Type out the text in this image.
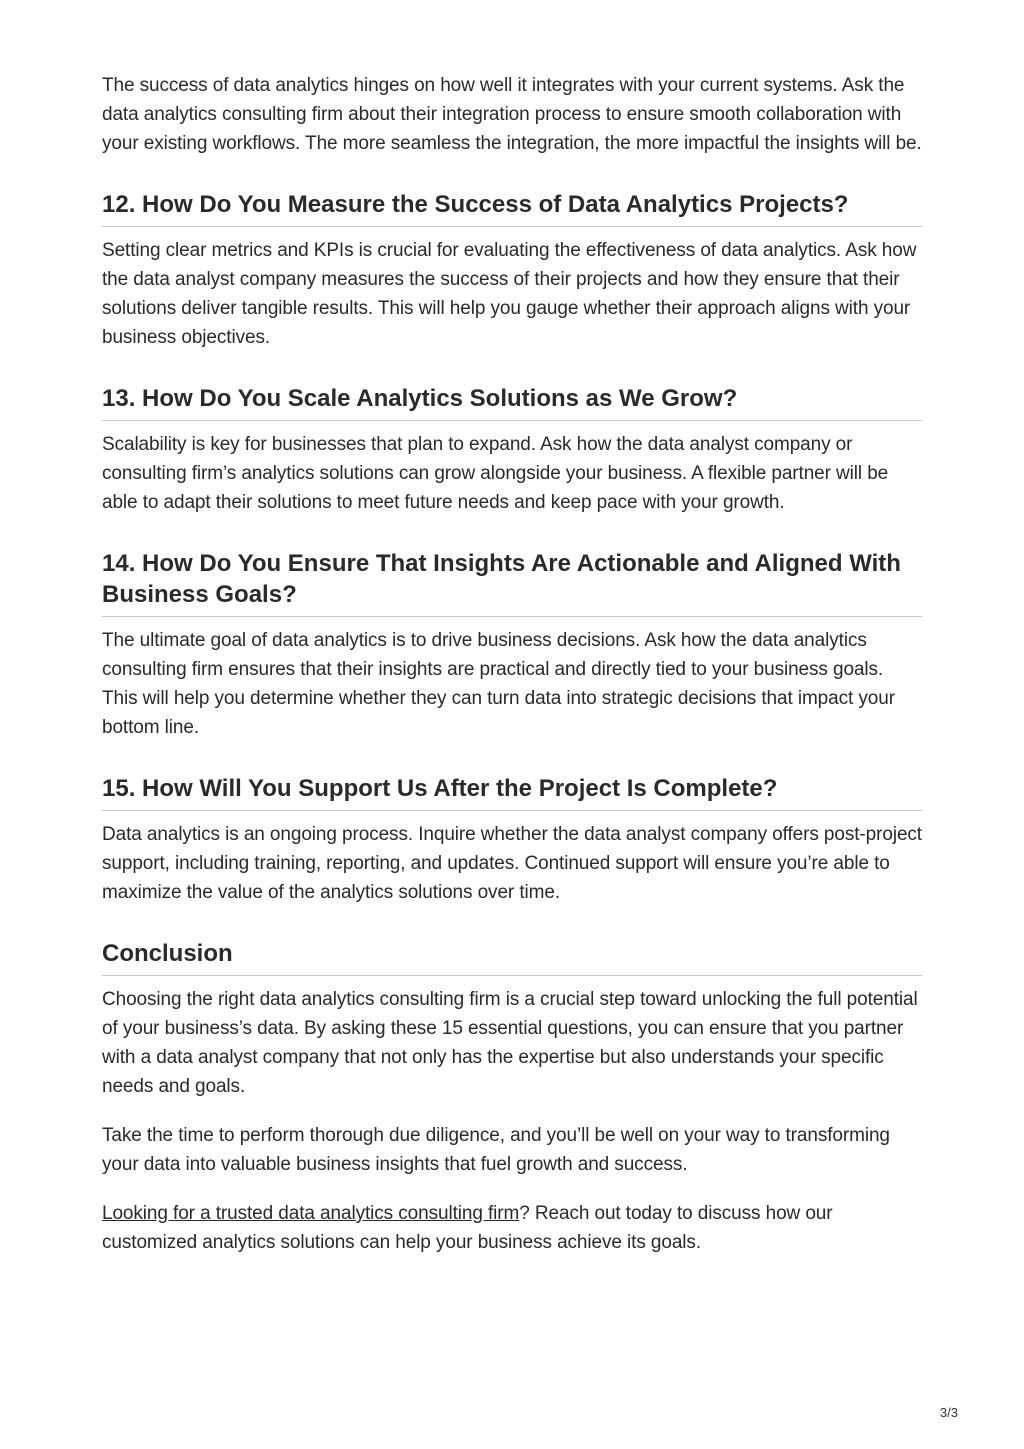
The success of data analytics hinges on how well it integrates with your current systems. Ask the data analytics consulting firm about their integration process to ensure smooth collaboration with your existing workflows. The more seamless the integration, the more impactful the insights will be.

12. How Do You Measure the Success of Data Analytics Projects?

Setting clear metrics and KPIs is crucial for evaluating the effectiveness of data analytics. Ask how the data analyst company measures the success of their projects and how they ensure that their solutions deliver tangible results. This will help you gauge whether their approach aligns with your business objectives.

13. How Do You Scale Analytics Solutions as We Grow?

Scalability is key for businesses that plan to expand. Ask how the data analyst company or consulting firm’s analytics solutions can grow alongside your business. A flexible partner will be able to adapt their solutions to meet future needs and keep pace with your growth.

14. How Do You Ensure That Insights Are Actionable and Aligned With Business Goals?

The ultimate goal of data analytics is to drive business decisions. Ask how the data analytics consulting firm ensures that their insights are practical and directly tied to your business goals. This will help you determine whether they can turn data into strategic decisions that impact your bottom line.

15. How Will You Support Us After the Project Is Complete?

Data analytics is an ongoing process. Inquire whether the data analyst company offers post-project support, including training, reporting, and updates. Continued support will ensure you’re able to maximize the value of the analytics solutions over time.

Conclusion

Choosing the right data analytics consulting firm is a crucial step toward unlocking the full potential of your business’s data. By asking these 15 essential questions, you can ensure that you partner with a data analyst company that not only has the expertise but also understands your specific needs and goals.

Take the time to perform thorough due diligence, and you’ll be well on your way to transforming your data into valuable business insights that fuel growth and success.

Looking for a trusted data analytics consulting firm? Reach out today to discuss how our customized analytics solutions can help your business achieve its goals.

3/3
